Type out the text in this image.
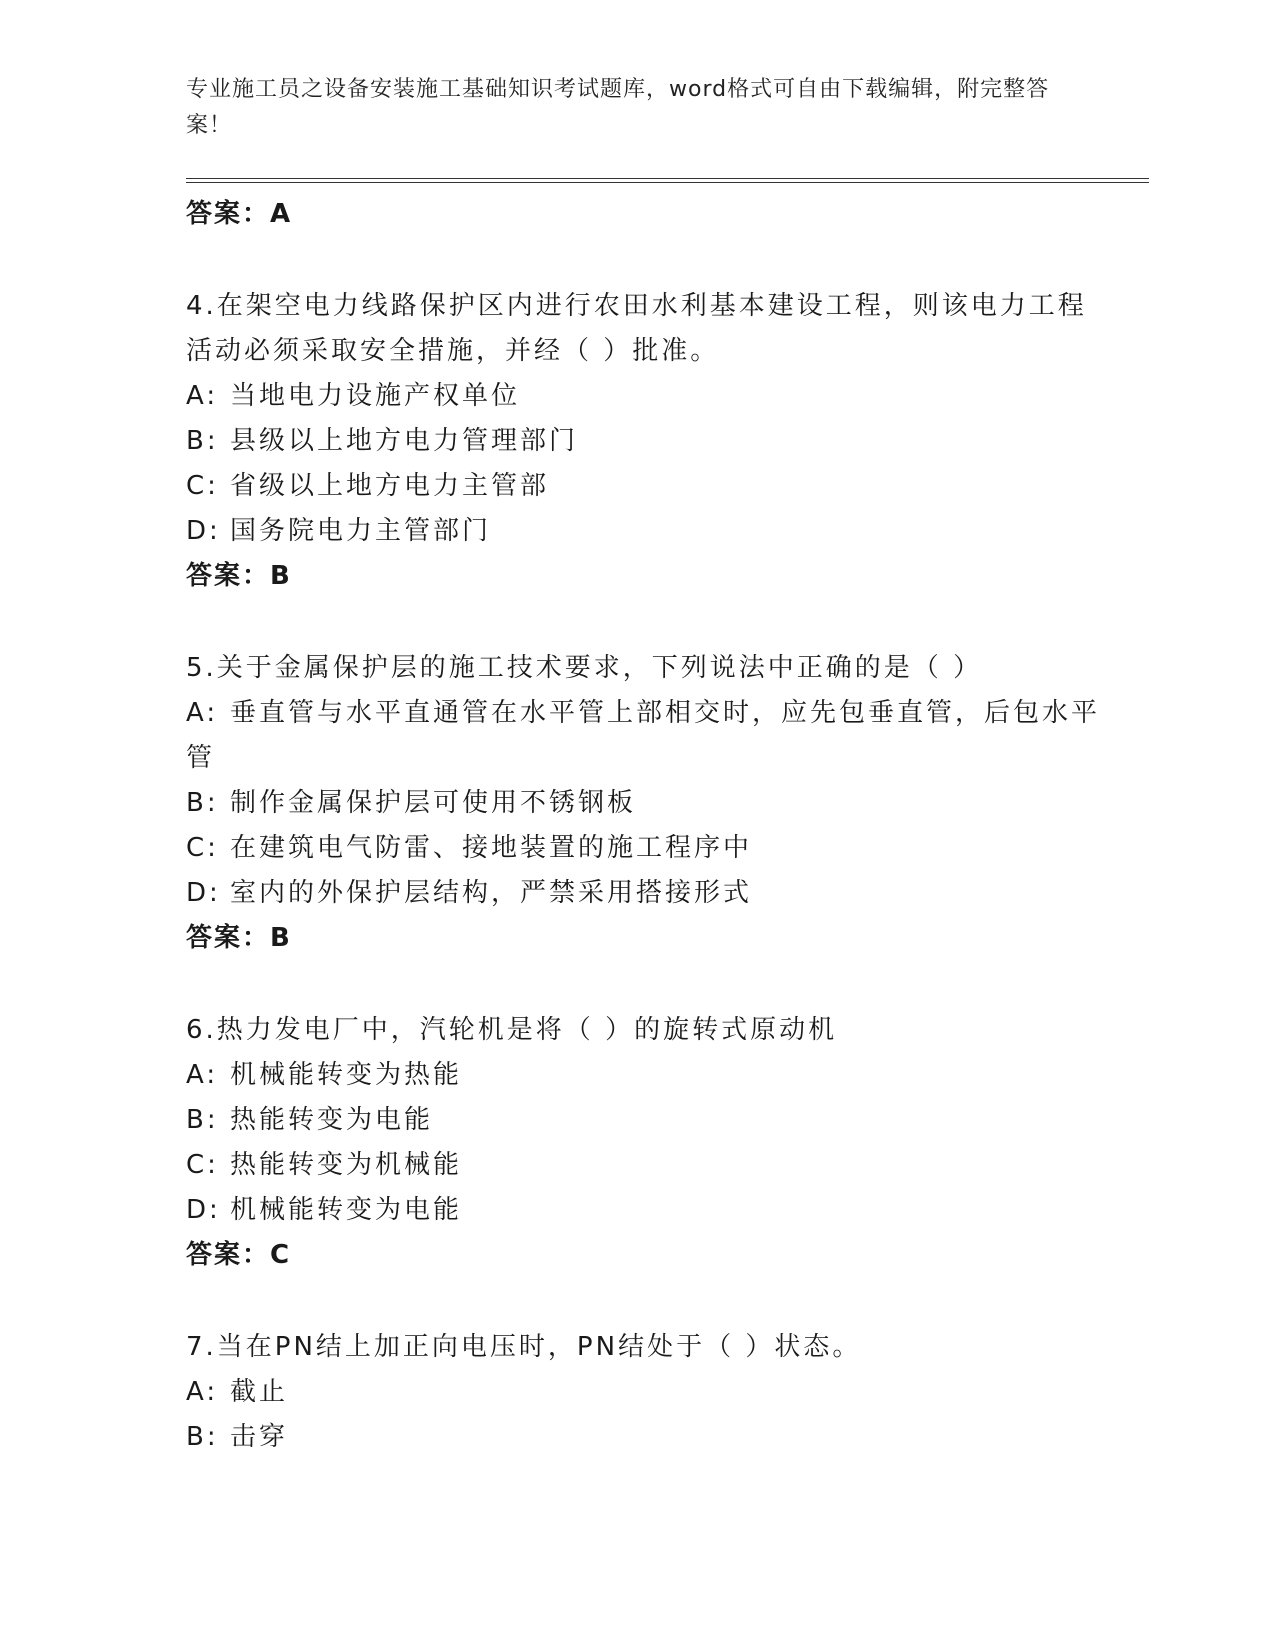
专业施工员之设备安装施工基础知识考试题库，word格式可自由下载编辑，附完整答案！
答案：A

4.在架空电力线路保护区内进行农田水利基本建设工程，则该电力工程活动必须采取安全措施，并经（ ）批准。

A: 当地电力设施产权单位

B: 县级以上地方电力管理部门

C: 省级以上地方电力主管部

D: 国务院电力主管部门

答案：B

5.关于金属保护层的施工技术要求，下列说法中正确的是（ ）

A: 垂直管与水平直通管在水平管上部相交时，应先包垂直管，后包水平管

B: 制作金属保护层可使用不锈钢板

C: 在建筑电气防雷、接地装置的施工程序中

D: 室内的外保护层结构，严禁采用搭接形式

答案：B

6.热力发电厂中，汽轮机是将（ ）的旋转式原动机

A: 机械能转变为热能

B: 热能转变为电能

C: 热能转变为机械能

D: 机械能转变为电能

答案：C

7.当在PN结上加正向电压时，PN结处于（ ）状态。

A: 截止

B: 击穿
